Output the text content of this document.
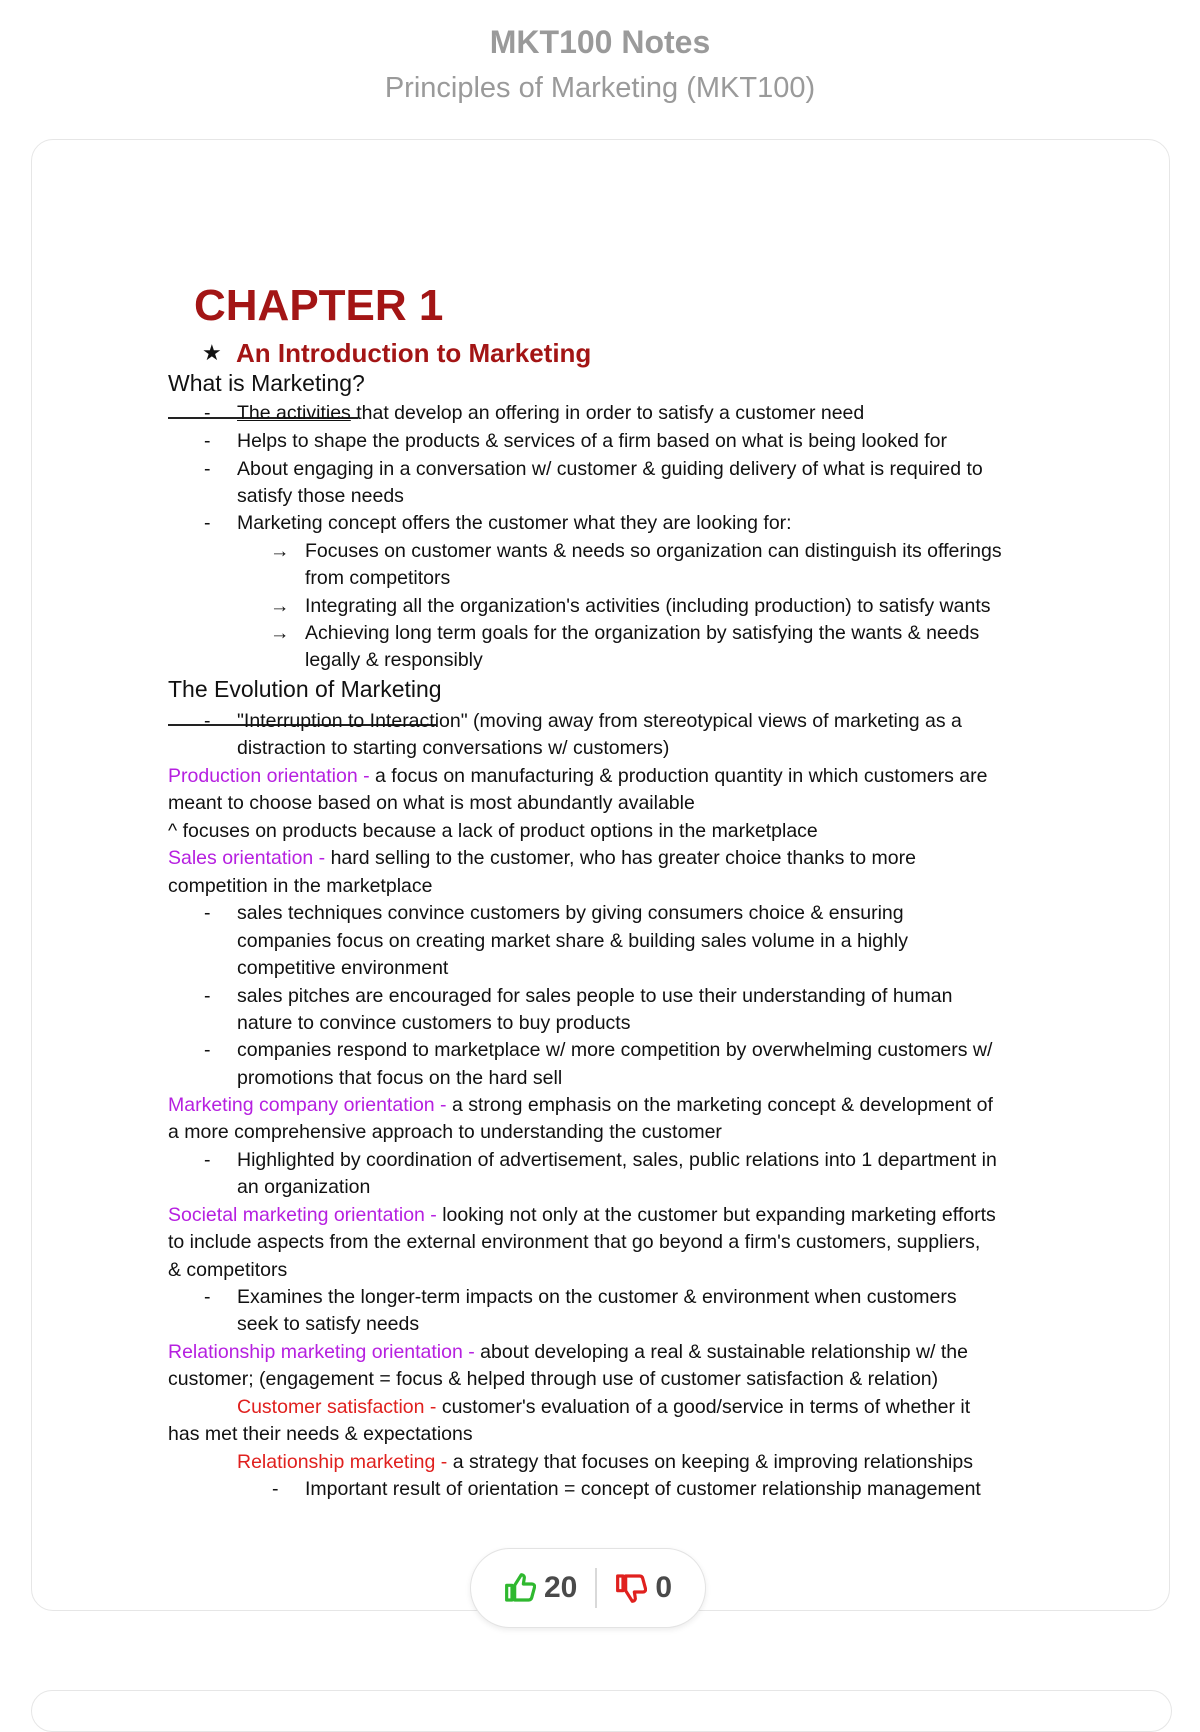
MKT100 Notes
Principles of Marketing (MKT100)
CHAPTER 1
★ An Introduction to Marketing
What is Marketing?
- The activities that develop an offering in order to satisfy a customer need
- Helps to shape the products & services of a firm based on what is being looked for
- About engaging in a conversation w/ customer & guiding delivery of what is required to
satisfy those needs
- Marketing concept offers the customer what they are looking for:
→ Focuses on customer wants & needs so organization can distinguish its offerings
from competitors
→ Integrating all the organization's activities (including production) to satisfy wants
→ Achieving long term goals for the organization by satisfying the wants & needs
legally & responsibly
The Evolution of Marketing
- "Interruption to Interaction" (moving away from stereotypical views of marketing as a
distraction to starting conversations w/ customers)
Production orientation - a focus on manufacturing & production quantity in which customers are
meant to choose based on what is most abundantly available
^ focuses on products because a lack of product options in the marketplace
Sales orientation - hard selling to the customer, who has greater choice thanks to more
competition in the marketplace
- sales techniques convince customers by giving consumers choice & ensuring
companies focus on creating market share & building sales volume in a highly
competitive environment
- sales pitches are encouraged for sales people to use their understanding of human
nature to convince customers to buy products
- companies respond to marketplace w/ more competition by overwhelming customers w/
promotions that focus on the hard sell
Marketing company orientation - a strong emphasis on the marketing concept & development of
a more comprehensive approach to understanding the customer
- Highlighted by coordination of advertisement, sales, public relations into 1 department in
an organization
Societal marketing orientation - looking not only at the customer but expanding marketing efforts
to include aspects from the external environment that go beyond a firm's customers, suppliers,
& competitors
- Examines the longer-term impacts on the customer & environment when customers
seek to satisfy needs
Relationship marketing orientation - about developing a real & sustainable relationship w/ the
customer; (engagement = focus & helped through use of customer satisfaction & relation)
Customer satisfaction - customer's evaluation of a good/service in terms of whether it
has met their needs & expectations
Relationship marketing - a strategy that focuses on keeping & improving relationships
- Important result of orientation = concept of customer relationship management
20	0
